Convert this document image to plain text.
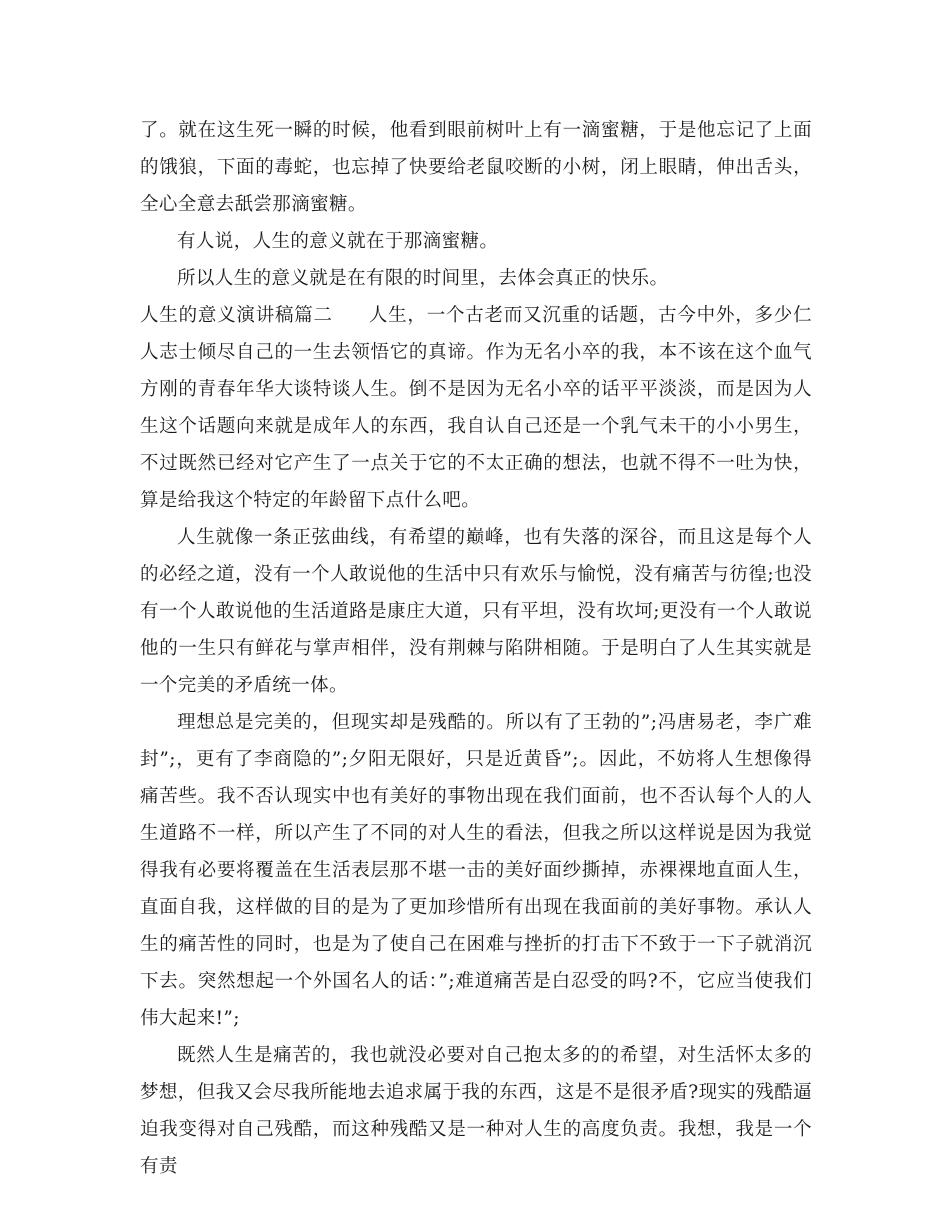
了。就在这生死一瞬的时候，他看到眼前树叶上有一滴蜜糖，于是他忘记了上面的饿狼，下面的毒蛇，也忘掉了快要给老鼠咬断的小树，闭上眼睛，伸出舌头，全心全意去舐尝那滴蜜糖。

有人说，人生的意义就在于那滴蜜糖。

所以人生的意义就是在有限的时间里，去体会真正的快乐。

人生的意义演讲稿篇二 人生，一个古老而又沉重的话题，古今中外，多少仁人志士倾尽自己的一生去领悟它的真谛。作为无名小卒的我，本不该在这个血气方刚的青春年华大谈特谈人生。倒不是因为无名小卒的话平平淡淡，而是因为人生这个话题向来就是成年人的东西，我自认自己还是一个乳气未干的小小男生，不过既然已经对它产生了一点关于它的不太正确的想法，也就不得不一吐为快，算是给我这个特定的年龄留下点什么吧。

人生就像一条正弦曲线，有希望的巅峰，也有失落的深谷，而且这是每个人的必经之道，没有一个人敢说他的生活中只有欢乐与愉悦，没有痛苦与彷徨;也没有一个人敢说他的生活道路是康庄大道，只有平坦，没有坎坷;更没有一个人敢说他的一生只有鲜花与掌声相伴，没有荆棘与陷阱相随。于是明白了人生其实就是一个完美的矛盾统一体。

理想总是完美的，但现实却是残酷的。所以有了王勃的”;冯唐易老，李广难封”;，更有了李商隐的”;夕阳无限好，只是近黄昏”;。因此，不妨将人生想像得痛苦些。我不否认现实中也有美好的事物出现在我们面前，也不否认每个人的人生道路不一样，所以产生了不同的对人生的看法，但我之所以这样说是因为我觉得我有必要将覆盖在生活表层那不堪一击的美好面纱撕掉，赤裸裸地直面人生，直面自我，这样做的目的是为了更加珍惜所有出现在我面前的美好事物。承认人生的痛苦性的同时，也是为了使自己在困难与挫折的打击下不致于一下子就消沉下去。突然想起一个外国名人的话：”;难道痛苦是白忍受的吗?不，它应当使我们伟大起来!”;

既然人生是痛苦的，我也就没必要对自己抱太多的的希望，对生活怀太多的梦想，但我又会尽我所能地去追求属于我的东西，这是不是很矛盾?现实的残酷逼迫我变得对自己残酷，而这种残酷又是一种对人生的高度负责。我想，我是一个有责
